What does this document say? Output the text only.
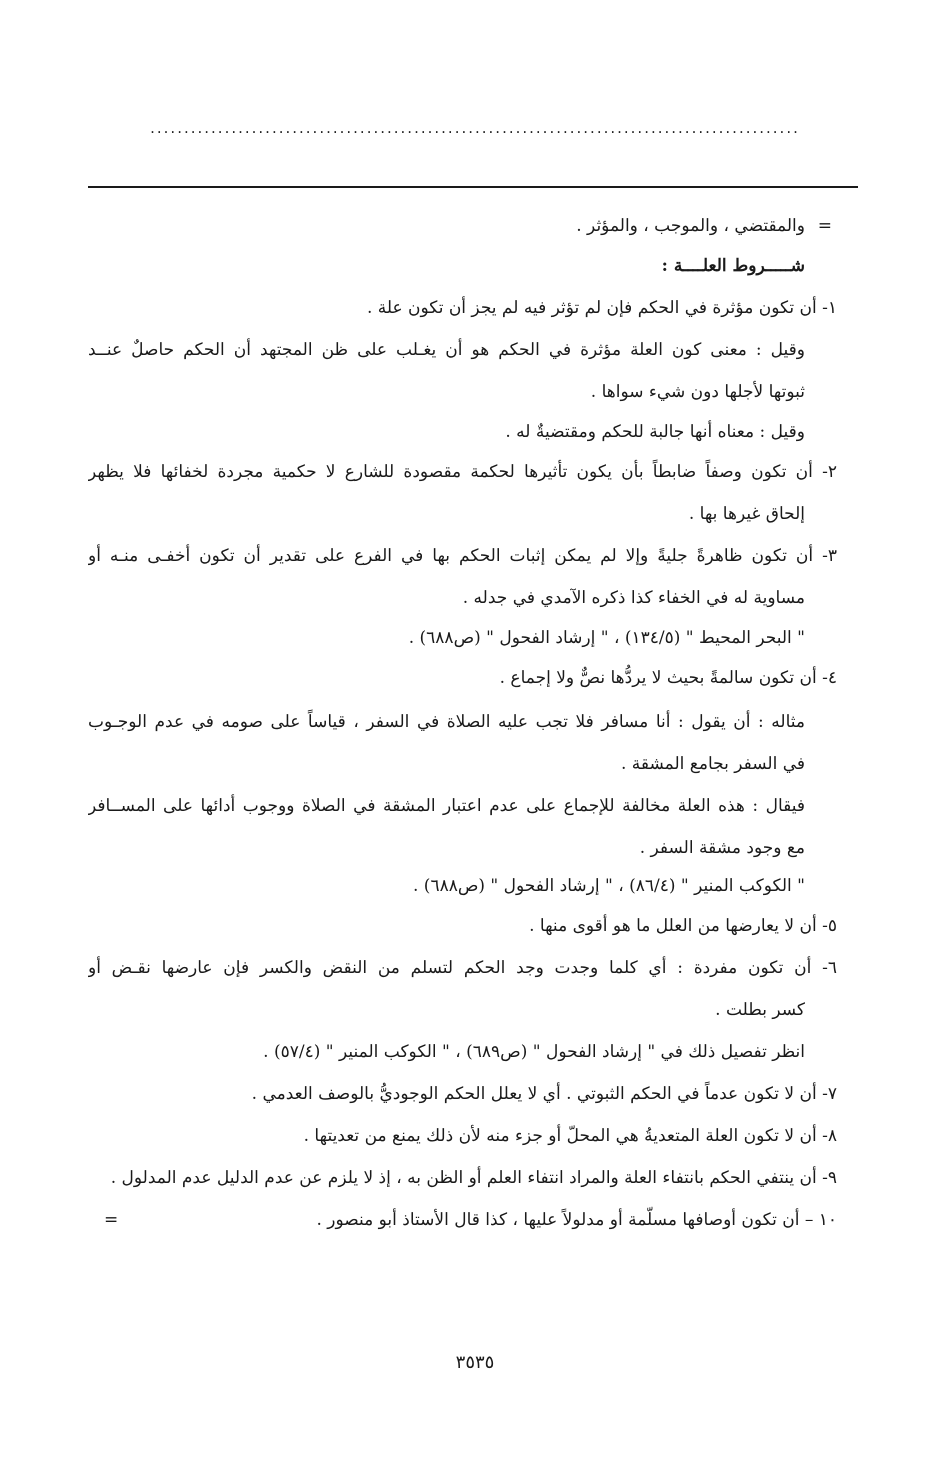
................................................................................................
=
والمقتضي ، والموجب ، والمؤثر .
شـــــروط العلــــة :
١- أن تكون مؤثرة في الحكم فإن لم تؤثر فيه لم يجز أن تكون علة .
وقيل : معنى كون العلة مؤثرة في الحكم هو أن يغـلب على ظن المجتهد أن الحكم حاصلٌ عنــد
ثبوتها لأجلها دون شيء سواها .
وقيل : معناه أنها جالبة للحكم ومقتضيةٌ له .
٢- أن تكون وصفاً ضابطاً بأن يكون تأثيرها لحكمة مقصودة للشارع لا حكمية مجردة لخفائها فلا يظهر
إلحاق غيرها بها .
٣- أن تكون ظاهرةً جليةً وإلا لم يمكن إثبات الحكم بها في الفرع على تقدير أن تكون أخفـى منـه أو
مساوية له في الخفاء كذا ذكره الآمدي في جدله .
" البحر المحيط " (١٣٤/٥) ، " إرشاد الفحول " (ص٦٨٨) .
٤- أن تكون سالمةً بحيث لا يردُّها نصٌّ ولا إجماع .
مثاله : أن يقول : أنا مسافر فلا تجب عليه الصلاة في السفر ، قياساً على صومه في عدم الوجـوب
في السفر بجامع المشقة .
فيقال : هذه العلة مخالفة للإجماع على عدم اعتبار المشقة في الصلاة ووجوب أدائها على المســافر
مع وجود مشقة السفر .
" الكوكب المنير " (٨٦/٤) ، " إرشاد الفحول " (ص٦٨٨) .
٥- أن لا يعارضها من العلل ما هو أقوى منها .
٦- أن تكون مفردة : أي كلما وجدت وجد الحكم لتسلم من النقض والكسر فإن عارضها نقـض أو
كسر بطلت .
انظر تفصيل ذلك في " إرشاد الفحول " (ص٦٨٩) ، " الكوكب المنير " (٥٧/٤) .
٧- أن لا تكون عدماً في الحكم الثبوتي . أي لا يعلل الحكم الوجوديُّ بالوصف العدمي .
٨- أن لا تكون العلة المتعديةُ هي المحلّ أو جزء منه لأن ذلك يمنع من تعديتها .
٩- أن ينتفي الحكم بانتفاء العلة والمراد انتفاء العلم أو الظن به ، إذ لا يلزم عن عدم الدليل عدم المدلول .
١٠ – أن تكون أوصافها مسلّمة أو مدلولاً عليها ، كذا قال الأستاذ أبو منصور .
=
٣٥٣٥
